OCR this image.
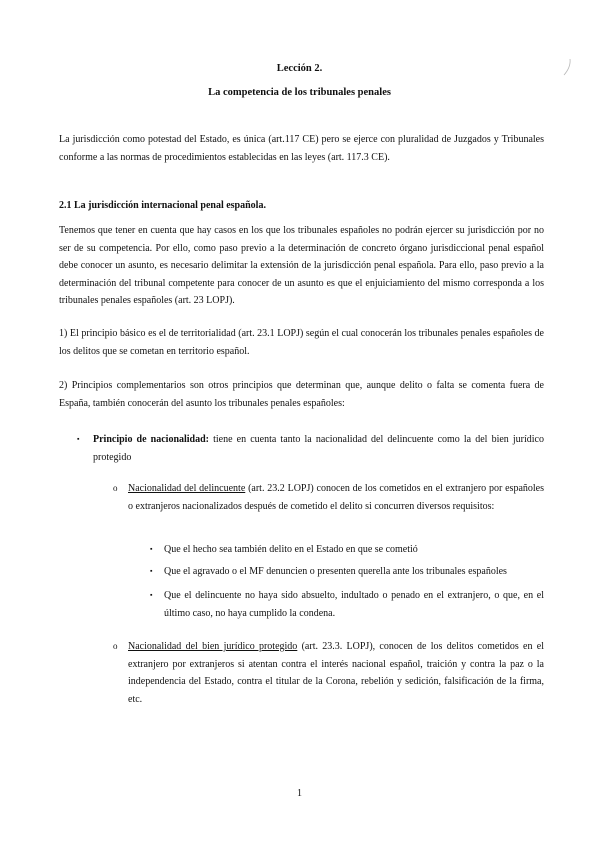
Lección 2.
La competencia de los tribunales penales
La jurisdicción como potestad del Estado, es única (art.117 CE) pero se ejerce con pluralidad de Juzgados y Tribunales conforme a las normas de procedimientos establecidas en las leyes (art. 117.3 CE).
2.1 La jurisdicción internacional penal española.
Tenemos que tener en cuenta que hay casos en los que los tribunales españoles no podrán ejercer su jurisdicción por no ser de su competencia. Por ello, como paso previo a la determinación de concreto órgano jurisdiccional penal español debe conocer un asunto, es necesario delimitar la extensión de la jurisdicción penal española. Para ello, paso previo a la determinación del tribunal competente para conocer de un asunto es que el enjuiciamiento del mismo corresponda a los tribunales penales españoles (art. 23 LOPJ).
1) El principio básico es el de territorialidad (art. 23.1 LOPJ) según el cual conocerán los tribunales penales españoles de los delitos que se cometan en territorio español.
2) Principios complementarios son otros principios que determinan que, aunque delito o falta se comenta fuera de España, también conocerán del asunto los tribunales penales españoles:
▪ Principio de nacionalidad: tiene en cuenta tanto la nacionalidad del delincuente como la del bien jurídico protegido
o Nacionalidad del delincuente (art. 23.2 LOPJ) conocen de los cometidos en el extranjero por españoles o extranjeros nacionalizados después de cometido el delito si concurren diversos requisitos:
▪ Que el hecho sea también delito en el Estado en que se cometió
▪ Que el agravado o el MF denuncien o presenten querella ante los tribunales españoles
▪ Que el delincuente no haya sido absuelto, indultado o penado en el extranjero, o que, en el último caso, no haya cumplido la condena.
o Nacionalidad del bien jurídico protegido (art. 23.3. LOPJ), conocen de los delitos cometidos en el extranjero por extranjeros si atentan contra el interés nacional español, traición y contra la paz o la independencia del Estado, contra el titular de la Corona, rebelión y sedición, falsificación de la firma, etc.
1
